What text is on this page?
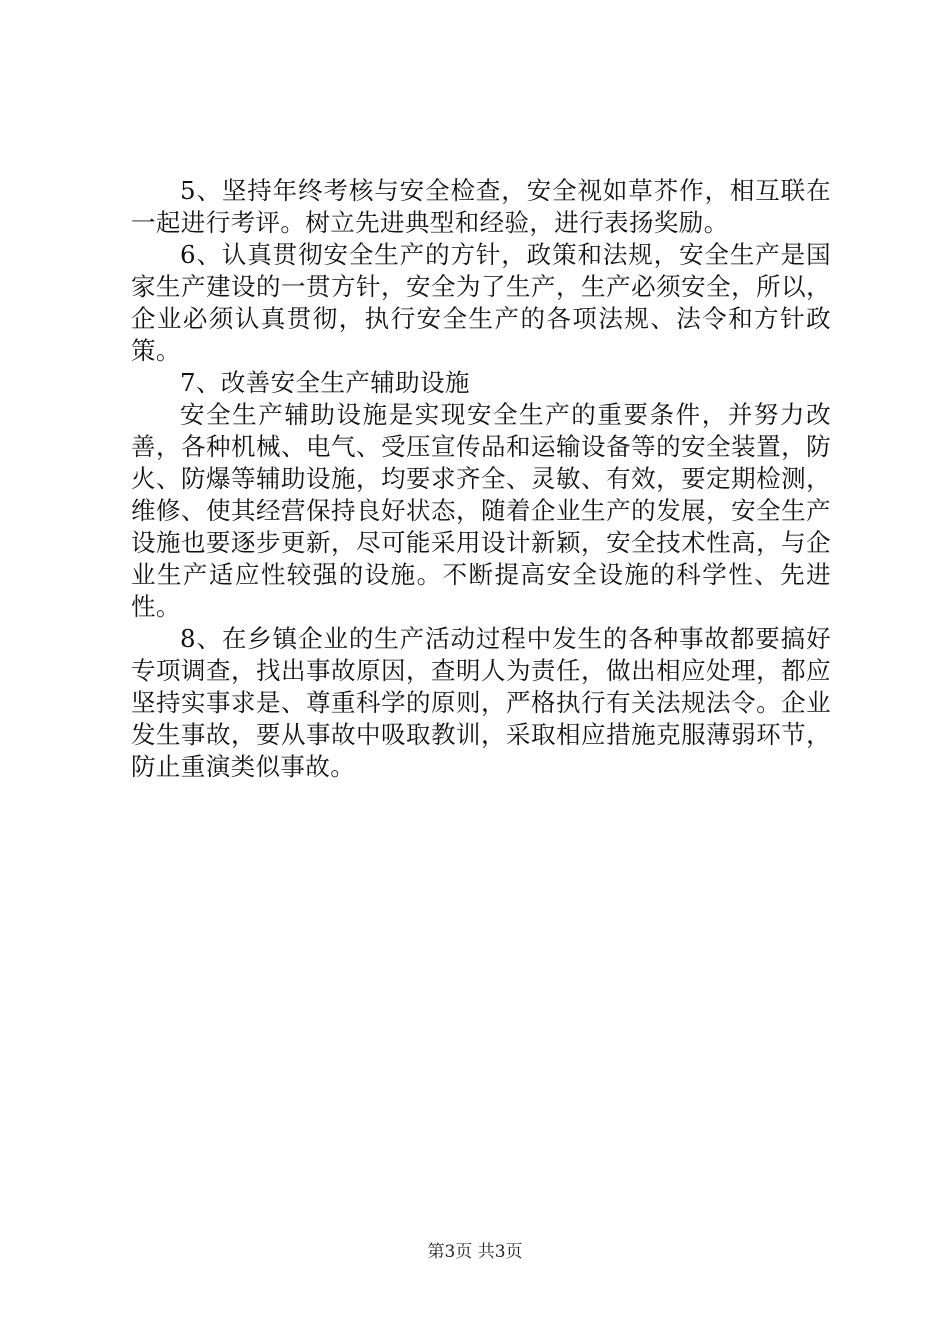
5、坚持年终考核与安全检查，安全视如草芥作，相互联在一起进行考评。树立先进典型和经验，进行表扬奖励。

6、认真贯彻安全生产的方针，政策和法规，安全生产是国家生产建设的一贯方针，安全为了生产，生产必须安全，所以，企业必须认真贯彻，执行安全生产的各项法规、法令和方针政策。

7、改善安全生产辅助设施

安全生产辅助设施是实现安全生产的重要条件，并努力改善，各种机械、电气、受压宣传品和运输设备等的安全装置，防火、防爆等辅助设施，均要求齐全、灵敏、有效，要定期检测，维修、使其经营保持良好状态，随着企业生产的发展，安全生产设施也要逐步更新，尽可能采用设计新颖，安全技术性高，与企业生产适应性较强的设施。不断提高安全设施的科学性、先进性。

8、在乡镇企业的生产活动过程中发生的各种事故都要搞好专项调查，找出事故原因，查明人为责任，做出相应处理，都应坚持实事求是、尊重科学的原则，严格执行有关法规法令。企业发生事故，要从事故中吸取教训，采取相应措施克服薄弱环节，防止重演类似事故。

第3页 共3页
